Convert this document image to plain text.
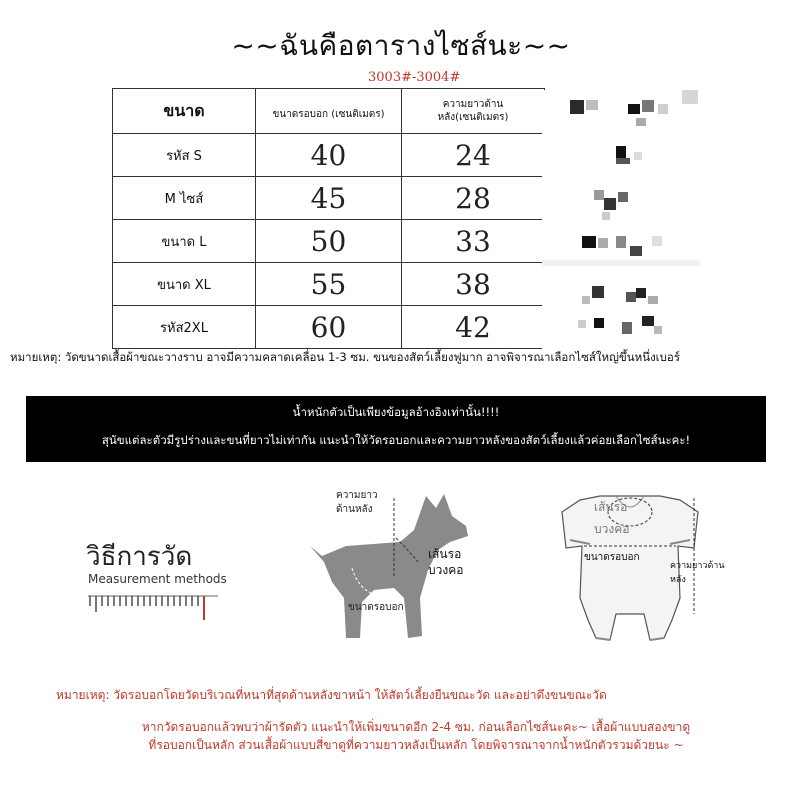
~~ฉันคือตารางไซส์นะ~~
3003#-3004#
ขนาด	ขนาดรอบอก (เซนติเมตร)	ความยาวด้าน
หลัง(เซนติเมตร)

รหัส S	40	24
M ไซส์	45	28
ขนาด L	50	33
ขนาด XL	55	38
รหัส2XL	60	42
หมายเหตุ: วัดขนาดเสื้อผ้าขณะวางราบ อาจมีความคลาดเคลื่อน 1-3 ซม. ขนของสัตว์เลี้ยงฟูมาก อาจพิจารณาเลือกไซส์ใหญ่ขึ้นหนึ่งเบอร์
น้ำหนักตัวเป็นเพียงข้อมูลอ้างอิงเท่านั้น!!!!
สุนัขแต่ละตัวมีรูปร่างและขนที่ยาวไม่เท่ากัน แนะนำให้วัดรอบอกและความยาวหลังของสัตว์เลี้ยงแล้วค่อยเลือกไซส์นะคะ!
วิธีการวัด
Measurement methods
ความยาว
ด้านหลัง
เส้นรอ
บวงคอ
ขนาดรอบอก
เส้นรอ
บวงคอ
ขนาดรอบอก
ความยาวด้านหลัง
หมายเหตุ: วัดรอบอกโดยวัดบริเวณที่หนาที่สุดด้านหลังขาหน้า ให้สัตว์เลี้ยงยืนขณะวัด และอย่าดึงขนขณะวัด
หากวัดรอบอกแล้วพบว่าผ้ารัดตัว แนะนำให้เพิ่มขนาดอีก 2-4 ซม. ก่อนเลือกไซส์นะคะ~ เสื้อผ้าแบบสองขาดู
ที่รอบอกเป็นหลัก ส่วนเสื้อผ้าแบบสี่ขาดูที่ความยาวหลังเป็นหลัก โดยพิจารณาจากน้ำหนักตัวรวมด้วยนะ ~
